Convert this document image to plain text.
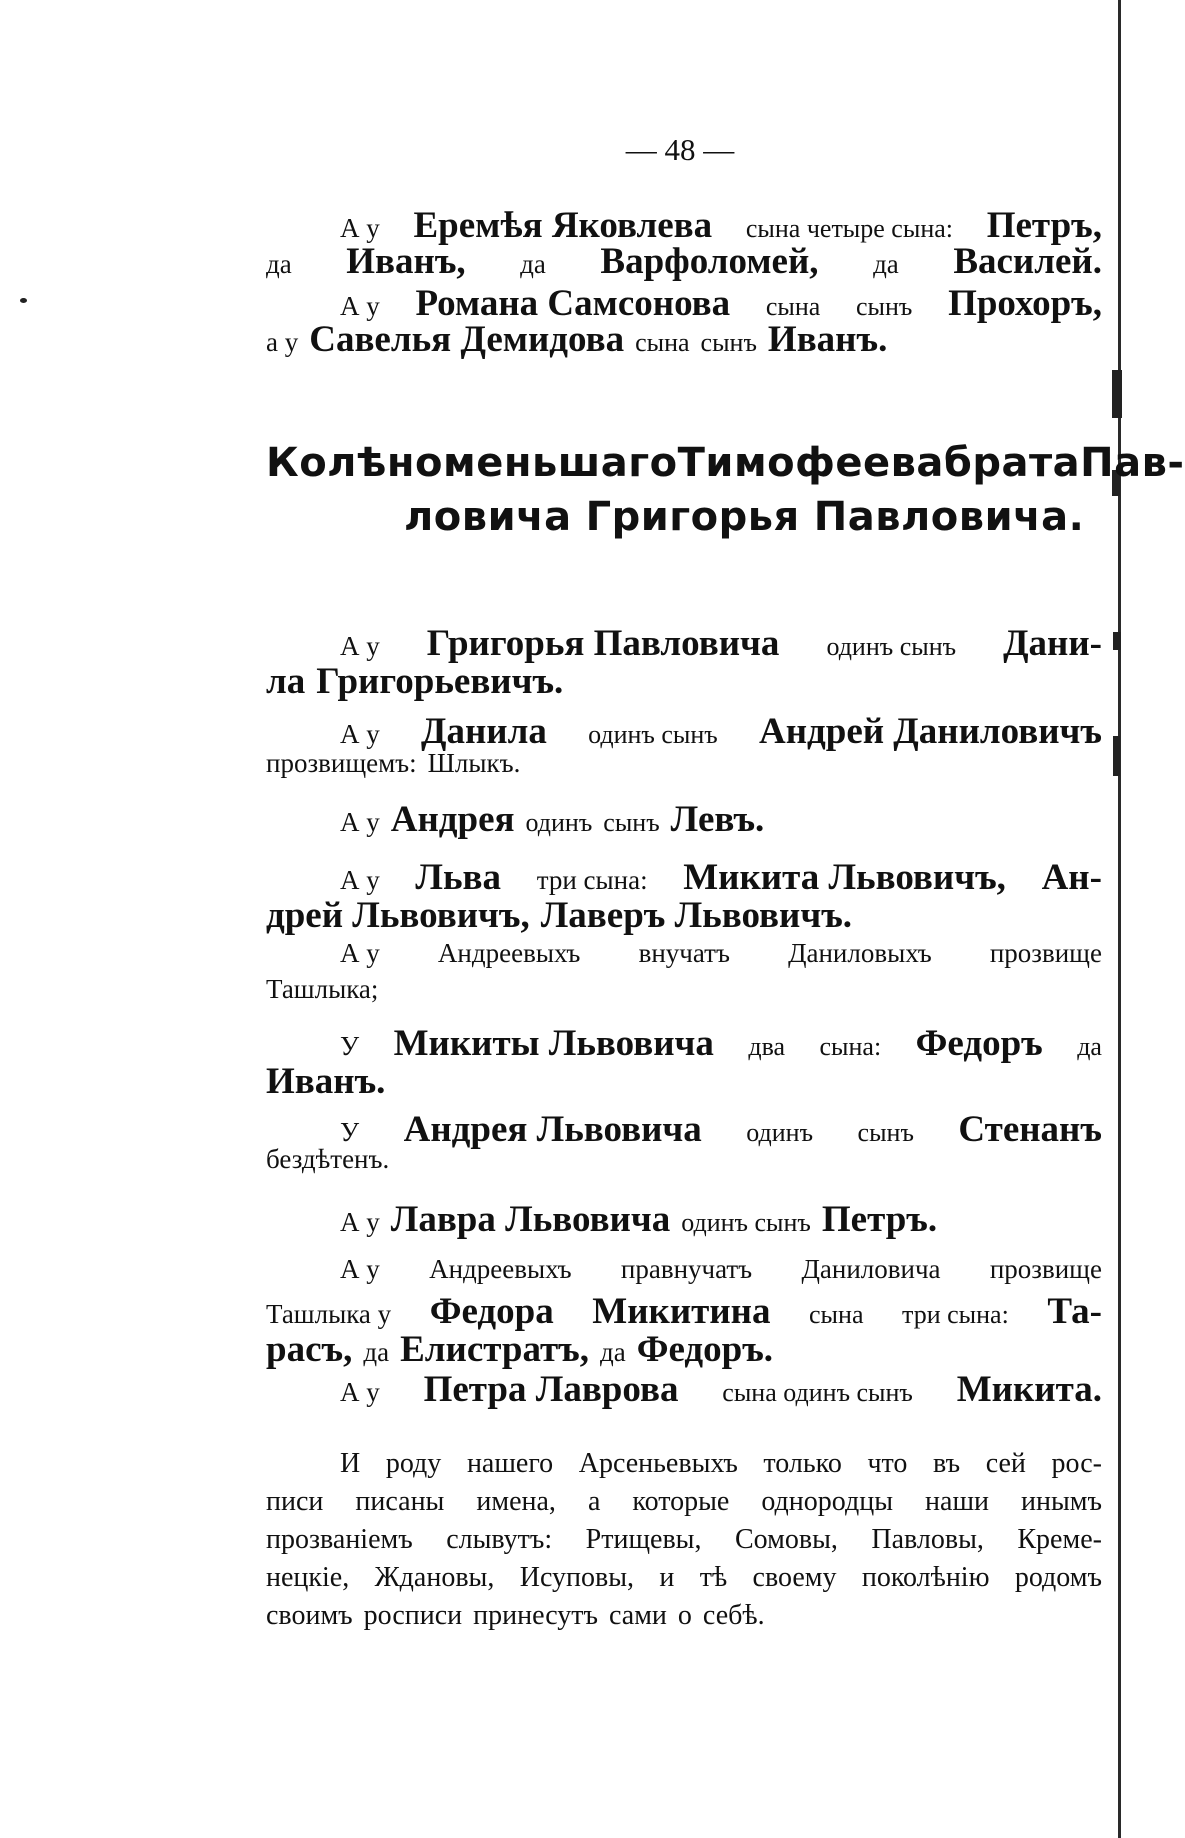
— 48 —
А у Еремѣя Яковлева сына четыре сына: Петръ,
да Иванъ, да Варфоломей, да Василей.
А у Романа Самсонова сына сынъ Прохоръ,
а у Савелья Демидова сына сынъ Иванъ.
Колѣно меньшаго Тимофеева брата Пав-
ловича Григорья Павловича.
А у Григорья Павловича одинъ сынъ Дани-
ла Григорьевичъ.
А у Данила одинъ сынъ Андрей Даниловичъ
прозвищемъ: Шлыкъ.
А у Андрея одинъ сынъ Левъ.
А у Льва три сына: Микита Львовичъ, Ан-
дрей Львовичъ, Лаверъ Львовичъ.
А у Андреевыхъ внучатъ Даниловыхъ прозвище
Ташлыка;
У Микиты Львовича два сына: Федоръ да
Иванъ.
У Андрея Львовича одинъ сынъ Стенанъ
бездѣтенъ.
А у Лавра Львовича одинъ сынъ Петръ.
А у Андреевыхъ правнучатъ Даниловича прозвище
Ташлыка у Федора Микитина сына три сына: Та-
расъ, да Елистратъ, да Федоръ.
А у Петра Лаврова сына одинъ сынъ Микита.
И роду нашего Арсеньевыхъ только что въ сей рос-
писи писаны имена, а которые однородцы наши инымъ
прозваніемъ слывутъ: Ртищевы, Сомовы, Павловы, Креме-
нецкіе, Ждановы, Исуповы, и тѣ своему поколѣнію родомъ
своимъ росписи принесутъ сами о себѣ.
